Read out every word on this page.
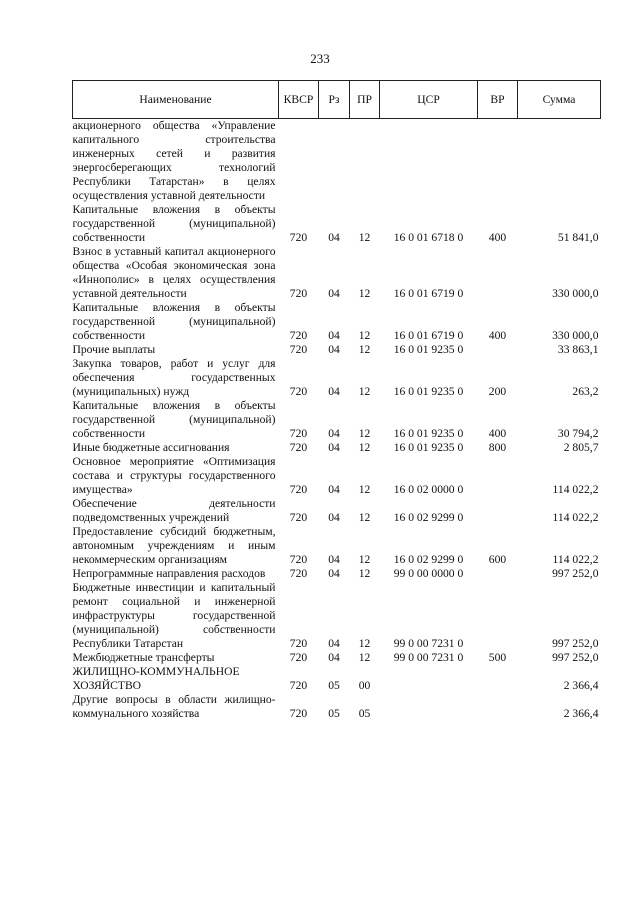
233
Наименование	КВСР	Рз	ПР	ЦСР	ВР	Сумма
акционерного общества «Управление капитального строительства инженерных сетей и развития энергосберегающих технологий Республики Татарстан» в целях осуществления уставной деятельности						
Капитальные вложения в объекты государственной (муниципальной) собственности	720	04	12	16 0 01 6718 0	400	51 841,0
Взнос в уставный капитал акционерного общества «Особая экономическая зона «Иннополис» в целях осуществления уставной деятельности	720	04	12	16 0 01 6719 0		330 000,0
Капитальные вложения в объекты государственной (муниципальной) собственности	720	04	12	16 0 01 6719 0	400	330 000,0
Прочие выплаты	720	04	12	16 0 01 9235 0		33 863,1
Закупка товаров, работ и услуг для обеспечения государственных (муниципальных) нужд	720	04	12	16 0 01 9235 0	200	263,2
Капитальные вложения в объекты государственной (муниципальной) собственности	720	04	12	16 0 01 9235 0	400	30 794,2
Иные бюджетные ассигнования	720	04	12	16 0 01 9235 0	800	2 805,7
Основное мероприятие «Оптимизация состава и структуры государственного имущества»	720	04	12	16 0 02 0000 0		114 022,2
Обеспечение деятельности подведомственных учреждений	720	04	12	16 0 02 9299 0		114 022,2
Предоставление субсидий бюджетным, автономным учреждениям и иным некоммерческим организациям	720	04	12	16 0 02 9299 0	600	114 022,2
Непрограммные направления расходов	720	04	12	99 0 00 0000 0		997 252,0
Бюджетные инвестиции и капитальный ремонт социальной и инженерной инфраструктуры государственной (муниципальной) собственности Республики Татарстан	720	04	12	99 0 00 7231 0		997 252,0
Межбюджетные трансферты	720	04	12	99 0 00 7231 0	500	997 252,0
ЖИЛИЩНО-КОММУНАЛЬНОЕ ХОЗЯЙСТВО	720	05	00			2 366,4
Другие вопросы в области жилищно-коммунального хозяйства	720	05	05			2 366,4
